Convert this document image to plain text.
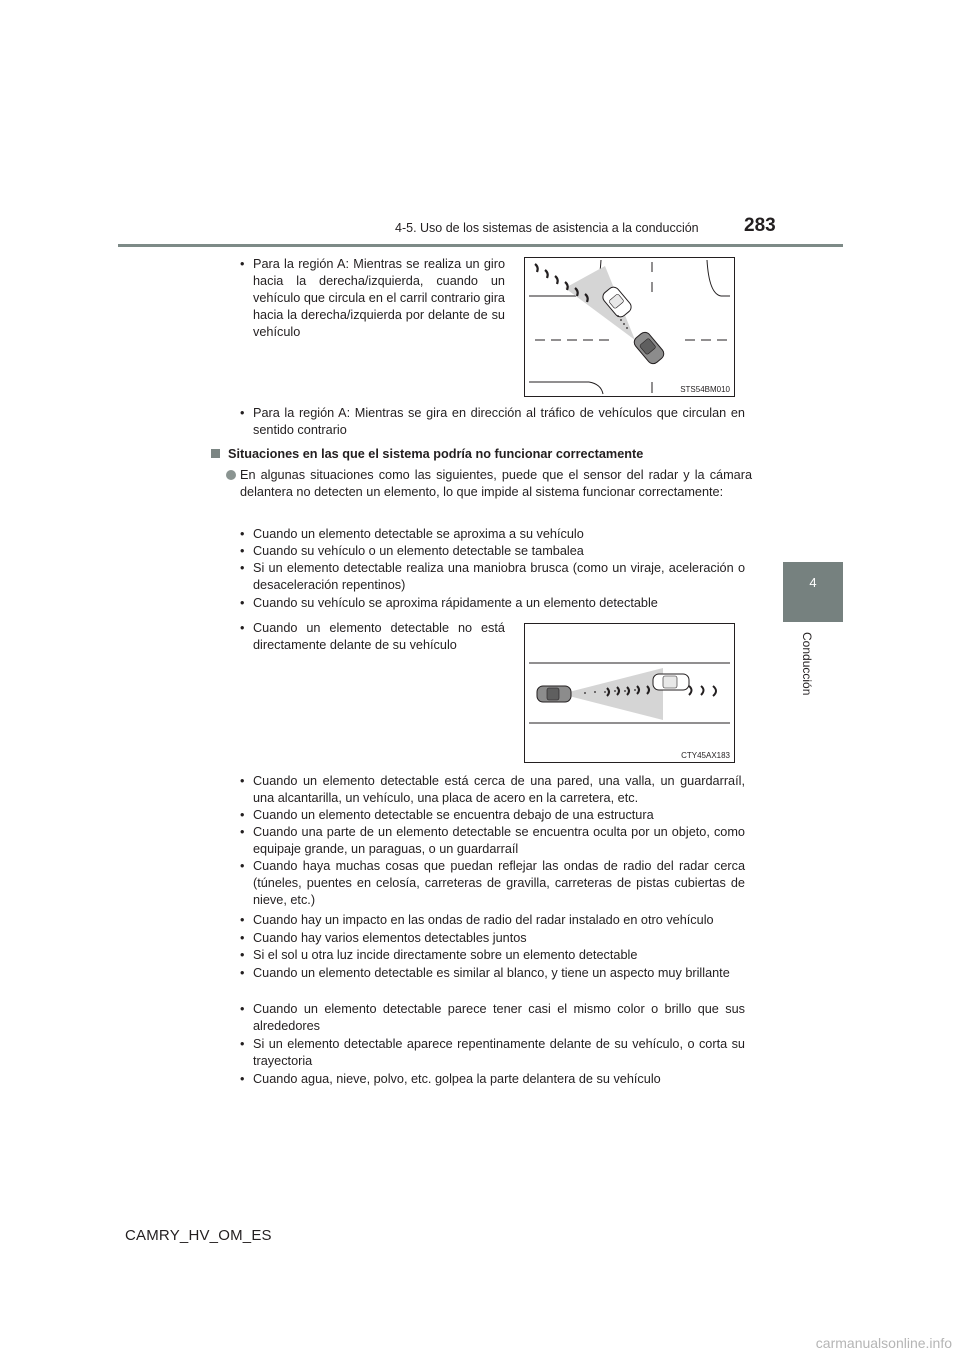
4-5. Uso de los sistemas de asistencia a la conducción 283
4
Conducción
• Para la región A: Mientras se realiza un giro hacia la derecha/izquierda, cuando un vehículo que circula en el carril contrario gira hacia la derecha/izquierda por delante de su vehículo
STS54BM010
• Para la región A: Mientras se gira en dirección al tráfico de vehículos que circulan en sentido contrario
Situaciones en las que el sistema podría no funcionar correctamente
En algunas situaciones como las siguientes, puede que el sensor del radar y la cámara delantera no detecten un elemento, lo que impide al sistema funcionar correctamente:
• Cuando un elemento detectable se aproxima a su vehículo
• Cuando su vehículo o un elemento detectable se tambalea
• Si un elemento detectable realiza una maniobra brusca (como un viraje, aceleración o desaceleración repentinos)
• Cuando su vehículo se aproxima rápidamente a un elemento detectable
• Cuando un elemento detectable no está directamente delante de su vehículo
CTY45AX183
• Cuando un elemento detectable está cerca de una pared, una valla, un guardarraíl, una alcantarilla, un vehículo, una placa de acero en la carretera, etc.
• Cuando un elemento detectable se encuentra debajo de una estructura
• Cuando una parte de un elemento detectable se encuentra oculta por un objeto, como equipaje grande, un paraguas, o un guardarraíl
• Cuando haya muchas cosas que puedan reflejar las ondas de radio del radar cerca (túneles, puentes en celosía, carreteras de gravilla, carreteras de pistas cubiertas de nieve, etc.)
• Cuando hay un impacto en las ondas de radio del radar instalado en otro vehículo
• Cuando hay varios elementos detectables juntos
• Si el sol u otra luz incide directamente sobre un elemento detectable
• Cuando un elemento detectable es similar al blanco, y tiene un aspecto muy brillante
• Cuando un elemento detectable parece tener casi el mismo color o brillo que sus alrededores
• Si un elemento detectable aparece repentinamente delante de su vehículo, o corta su trayectoria
• Cuando agua, nieve, polvo, etc. golpea la parte delantera de su vehículo
CAMRY_HV_OM_ES
carmanualsonline.info
